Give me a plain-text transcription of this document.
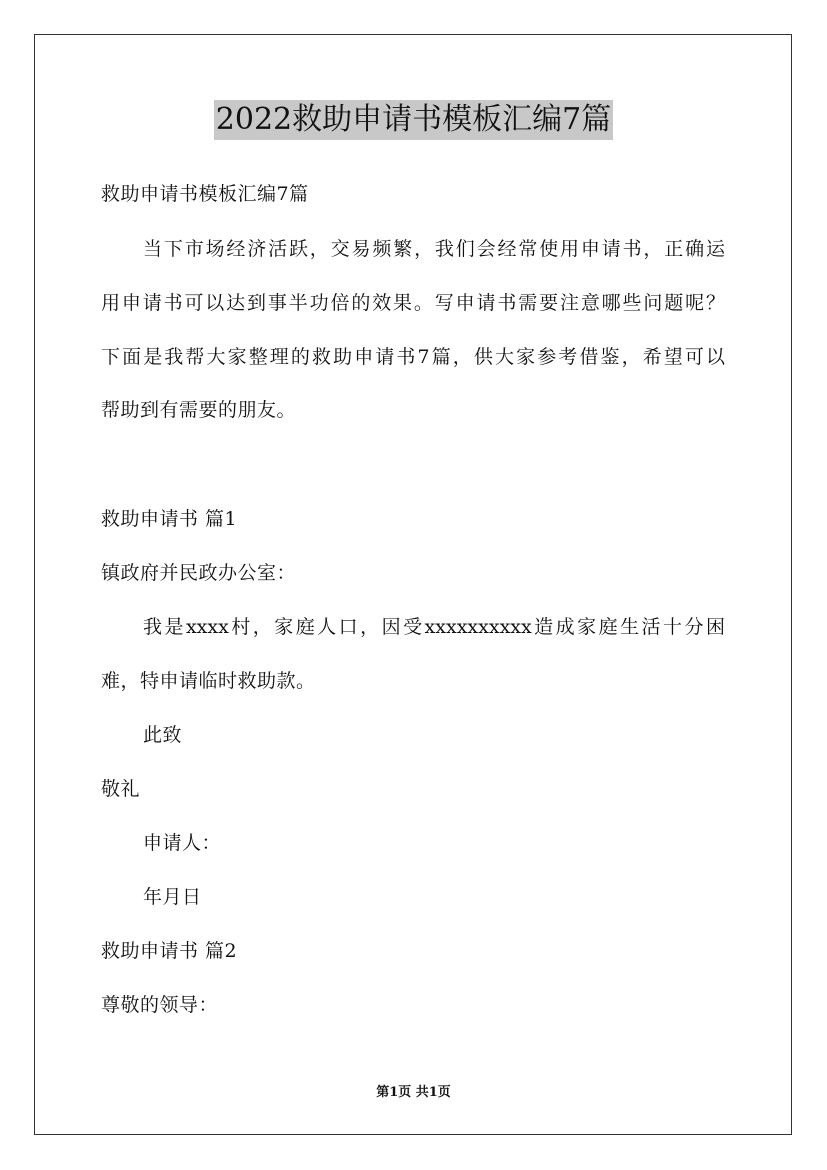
2022救助申请书模板汇编7篇
救助申请书模板汇编7篇
当下市场经济活跃，交易频繁，我们会经常使用申请书，正确运
用申请书可以达到事半功倍的效果。写申请书需要注意哪些问题呢？
下面是我帮大家整理的救助申请书7篇，供大家参考借鉴，希望可以
帮助到有需要的朋友。
救助申请书 篇1
镇政府并民政办公室：
我是xxxx村，家庭人口，因受xxxxxxxxxx造成家庭生活十分困
难，特申请临时救助款。
此致
敬礼
申请人：
年月日
救助申请书 篇2
尊敬的领导：
第1页 共1页
